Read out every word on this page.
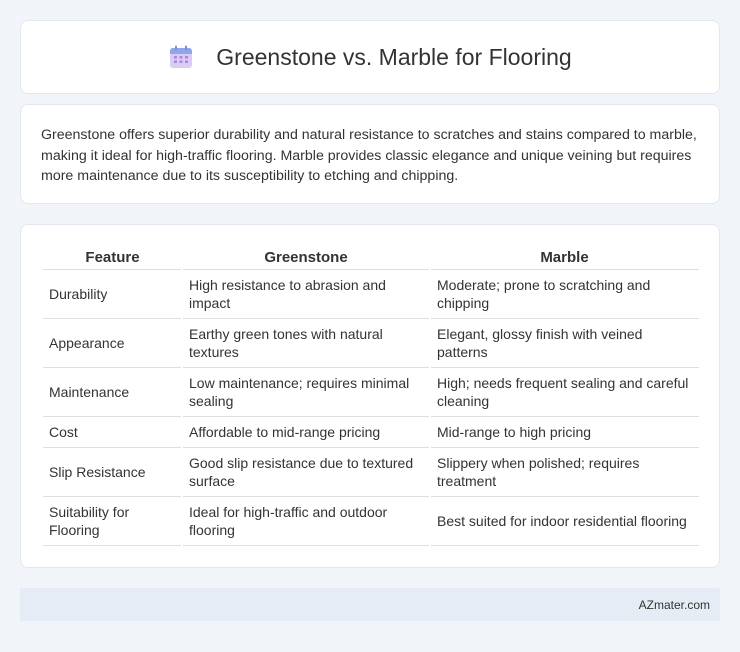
Greenstone vs. Marble for Flooring

Greenstone offers superior durability and natural resistance to scratches and stains compared to marble, making it ideal for high-traffic flooring. Marble provides classic elegance and unique veining but requires more maintenance due to its susceptibility to etching and chipping.

Feature	Greenstone	Marble
Durability	High resistance to abrasion and impact	Moderate; prone to scratching and chipping
Appearance	Earthy green tones with natural textures	Elegant, glossy finish with veined patterns
Maintenance	Low maintenance; requires minimal sealing	High; needs frequent sealing and careful cleaning
Cost	Affordable to mid-range pricing	Mid-range to high pricing
Slip Resistance	Good slip resistance due to textured surface	Slippery when polished; requires treatment
Suitability for Flooring	Ideal for high-traffic and outdoor flooring	Best suited for indoor residential flooring
AZmater.com
